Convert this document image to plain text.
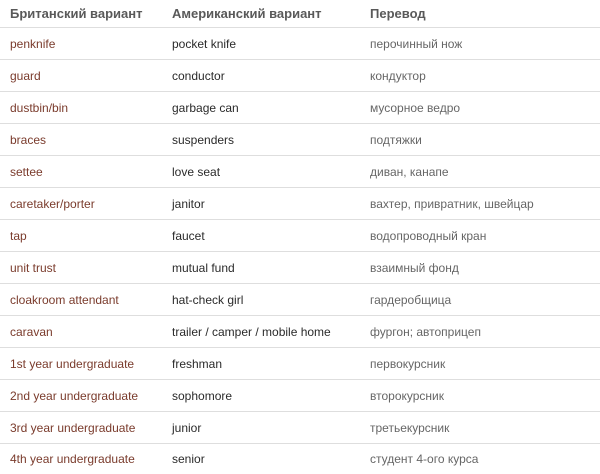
Британский вариант	Американский вариант	Перевод
penknife	pocket knife	перочинный нож
guard	conductor	кондуктор
dustbin/bin	garbage can	мусорное ведро
braces	suspenders	подтяжки
settee	love seat	диван, канапе
caretaker/porter	janitor	вахтер, привратник, швейцар
tap	faucet	водопроводный кран
unit trust	mutual fund	взаимный фонд
cloakroom attendant	hat-check girl	гардеробщица
caravan	trailer / camper / mobile home	фургон; автоприцеп
1st year undergraduate	freshman	первокурсник
2nd year undergraduate	sophomore	второкурсник
3rd year undergraduate	junior	третьекурсник
4th year undergraduate	senior	студент 4-ого курса
